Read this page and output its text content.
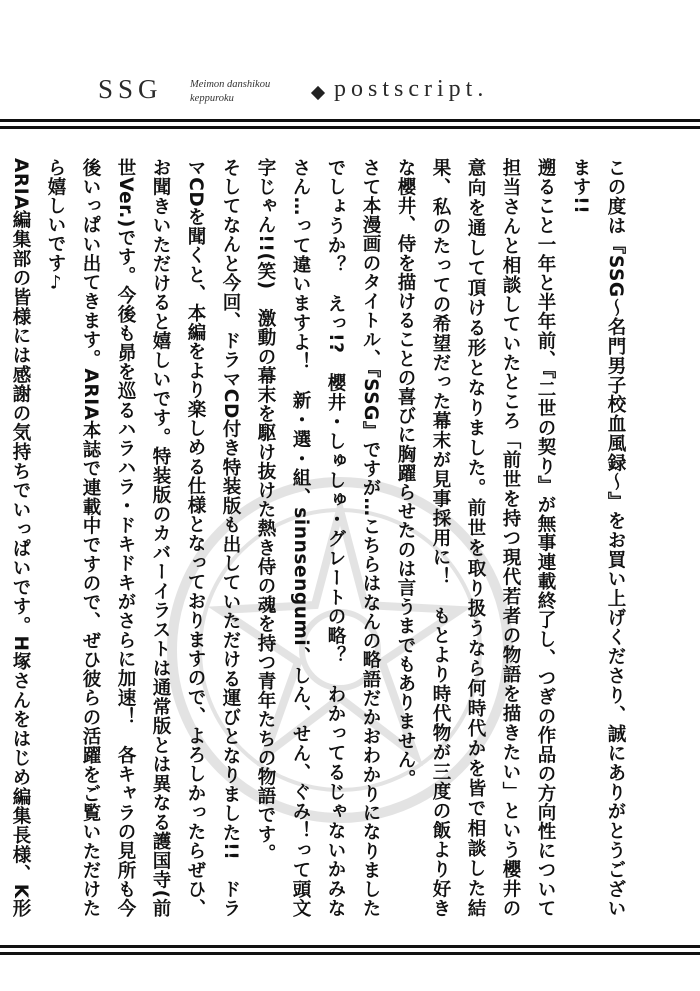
SSG	Meimon danshikou
keppuroku	postscript.

この度は『SSG～名門男子校血風録～』をお買い上げくださり、誠にありがとうございます!!

遡ること一年と半年前、『二世の契り』が無事連載終了し、つぎの作品の方向性について担当さんと相談していたところ「前世を持つ現代若者の物語を描きたい」という櫻井の意向を通して頂ける形となりました。前世を取り扱うなら何時代かを皆で相談した結果、私のたっての希望だった幕末が見事採用に！　もとより時代物が三度の飯より好きな櫻井、侍を描けることの喜びに胸躍らせたのは言うまでもありません。

さて本漫画のタイトル、『SSG』ですが…こちらはなんの略語だかおわかりになりましたでしょうか？　えっ!?　櫻井・しゅしゅ・グレートの略？　わかってるじゃないかみなさん…って違いますよ！　新・選・組、sinnsengumi、しん、せん、ぐみ！って頭文字じゃん!!(笑)　激動の幕末を駆け抜けた熱き侍の魂を持つ青年たちの物語です。

そしてなんと今回、ドラマCD付き特装版も出していただける運びとなりました!!　ドラマCDを聞くと、本編をより楽しめる仕様となっておりますので、よろしかったらぜひ、お聞きいただけると嬉しいです。特装版のカバーイラストは通常版とは異なる護国寺(前世Ver.)です。今後も昴を巡るハラハラ・ドキドキがさらに加速！　各キャラの見所も今後いっぱい出てきます。ARIA本誌で連載中ですので、ぜひ彼らの活躍をご覧いただけたら嬉しいです♪

ARIA編集部の皆様には感謝の気持ちでいっぱいです。H塚さんをはじめ編集長様、K形　
